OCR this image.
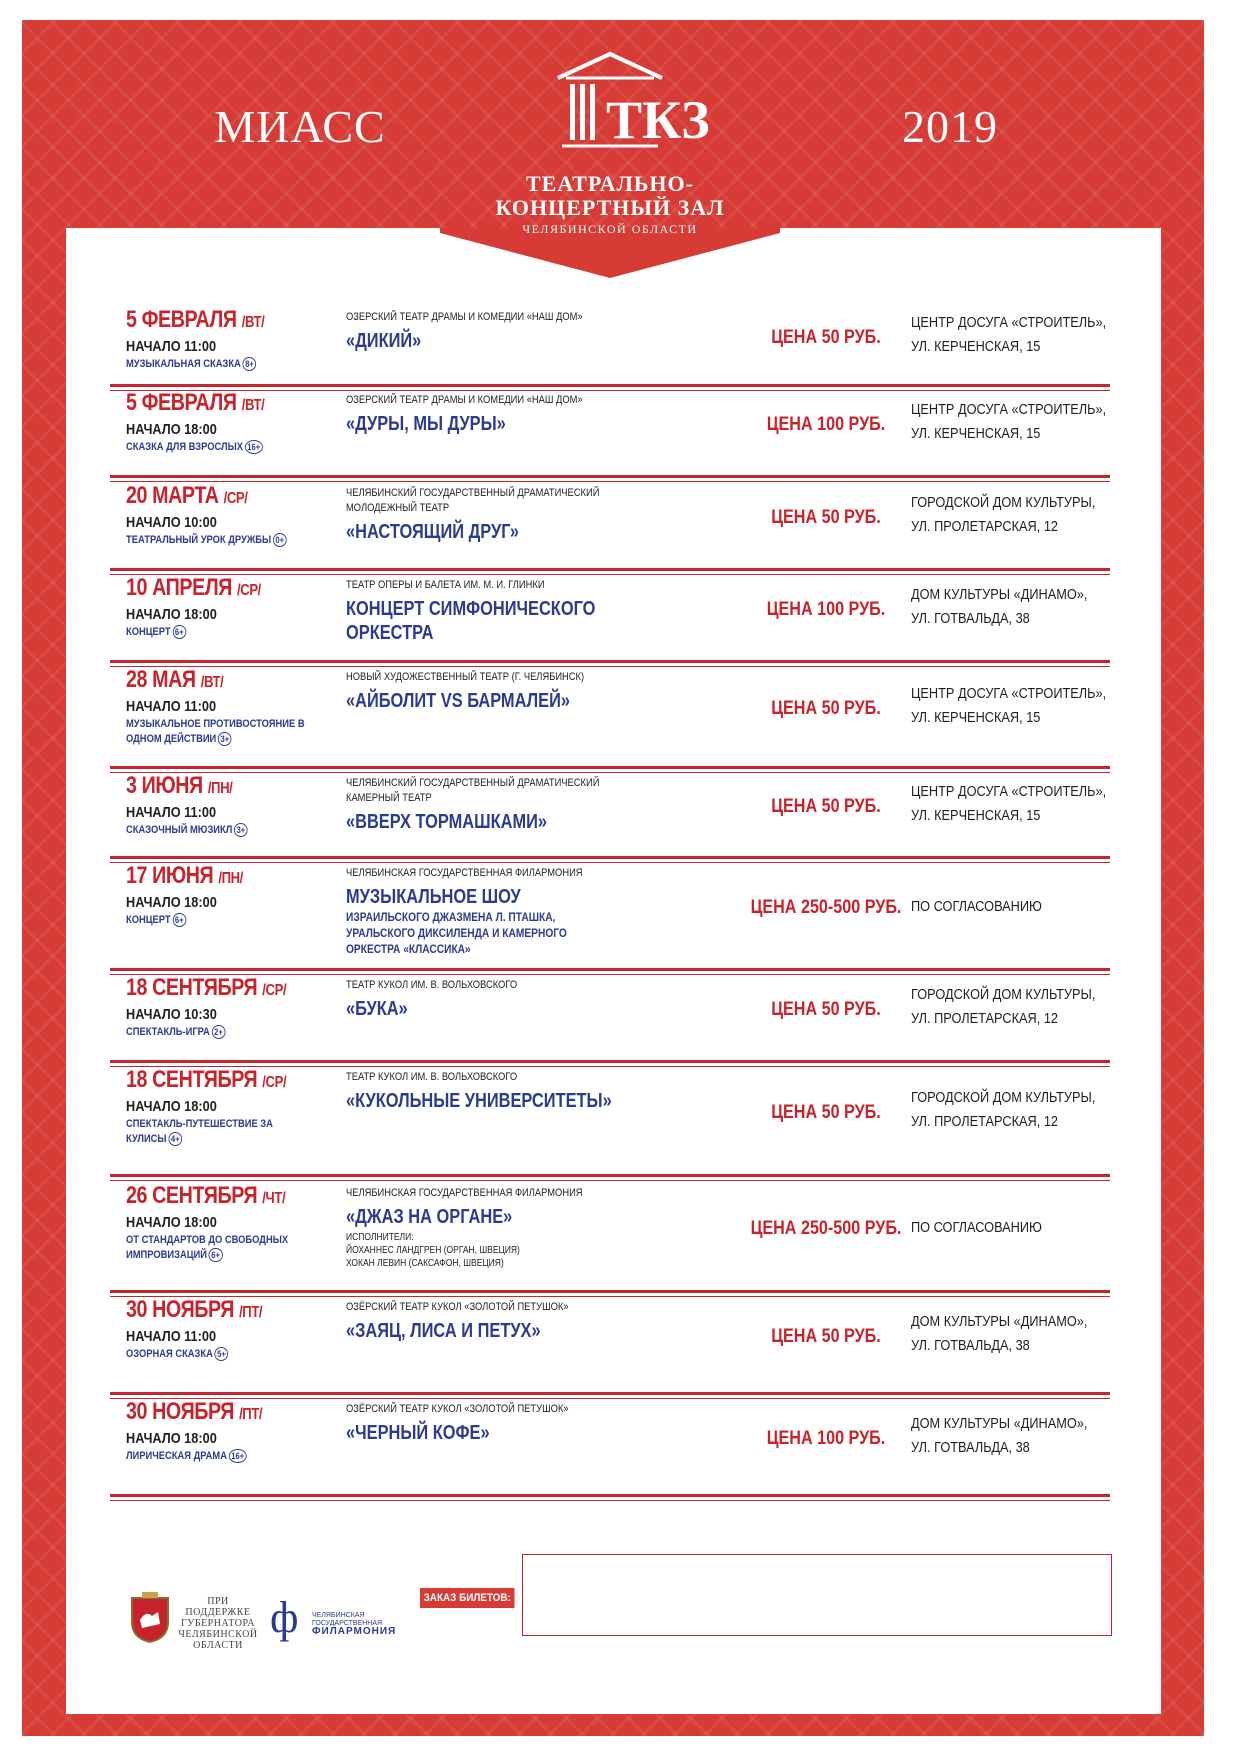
МИАСС	2019
ТКЗ
ТЕАТРАЛЬНО-
КОНЦЕРТНЫЙ ЗАЛ
ЧЕЛЯБИНСКОЙ ОБЛАСТИ
5 ФЕВРАЛЯ /ВТ/
НАЧАЛО 11:00
МУЗЫКАЛЬНАЯ СКАЗКА 8+
ОЗЕРСКИЙ ТЕАТР ДРАМЫ И КОМЕДИИ «НАШ ДОМ»
«ДИКИЙ»	ЦЕНА 50 РУБ.
ЦЕНТР ДОСУГА «СТРОИТЕЛЬ»,
УЛ. КЕРЧЕНСКАЯ, 15
5 ФЕВРАЛЯ /ВТ/
НАЧАЛО 18:00
СКАЗКА ДЛЯ ВЗРОСЛЫХ 16+
ОЗЕРСКИЙ ТЕАТР ДРАМЫ И КОМЕДИИ «НАШ ДОМ»
«ДУРЫ, МЫ ДУРЫ»	ЦЕНА 100 РУБ.
ЦЕНТР ДОСУГА «СТРОИТЕЛЬ»,
УЛ. КЕРЧЕНСКАЯ, 15
20 МАРТА /СР/
НАЧАЛО 10:00
ТЕАТРАЛЬНЫЙ УРОК ДРУЖБЫ 0+
ЧЕЛЯБИНСКИЙ ГОСУДАРСТВЕННЫЙ ДРАМАТИЧЕСКИЙ МОЛОДЕЖНЫЙ ТЕАТР
«НАСТОЯЩИЙ ДРУГ»
ЦЕНА 50 РУБ.
ГОРОДСКОЙ ДОМ КУЛЬТУРЫ,
УЛ. ПРОЛЕТАРСКАЯ, 12
10 АПРЕЛЯ /СР/
НАЧАЛО 18:00
КОНЦЕРТ 6+
ТЕАТР ОПЕРЫ И БАЛЕТА ИМ. М. И. ГЛИНКИ
КОНЦЕРТ СИМФОНИЧЕСКОГО ОРКЕСТРА
ЦЕНА 100 РУБ.
ДОМ КУЛЬТУРЫ «ДИНАМО»,
УЛ. ГОТВАЛЬДА, 38
28 МАЯ /ВТ/
НАЧАЛО 11:00
МУЗЫКАЛЬНОЕ ПРОТИВОСТОЯНИЕ В ОДНОМ ДЕЙСТВИИ 3+
НОВЫЙ ХУДОЖЕСТВЕННЫЙ ТЕАТР (Г. ЧЕЛЯБИНСК)
«АЙБОЛИТ VS БАРМАЛЕЙ»	ЦЕНА 50 РУБ.
ЦЕНТР ДОСУГА «СТРОИТЕЛЬ»,
УЛ. КЕРЧЕНСКАЯ, 15
3 ИЮНЯ /ПН/
НАЧАЛО 11:00
СКАЗОЧНЫЙ МЮЗИКЛ 3+
ЧЕЛЯБИНСКИЙ ГОСУДАРСТВЕННЫЙ ДРАМАТИЧЕСКИЙ КАМЕРНЫЙ ТЕАТР
«ВВЕРХ ТОРМАШКАМИ»
ЦЕНА 50 РУБ.
ЦЕНТР ДОСУГА «СТРОИТЕЛЬ»,
УЛ. КЕРЧЕНСКАЯ, 15
17 ИЮНЯ /ПН/
НАЧАЛО 18:00
КОНЦЕРТ 6+
ЧЕЛЯБИНСКАЯ ГОСУДАРСТВЕННАЯ ФИЛАРМОНИЯ
МУЗЫКАЛЬНОЕ ШОУ
ИЗРАИЛЬСКОГО ДЖАЗМЕНА Л. ПТАШКА, УРАЛЬСКОГО ДИКСИЛЕНДА И КАМЕРНОГО ОРКЕСТРА «КЛАССИКА»
ЦЕНА 250-500 РУБ. ПО СОГЛАСОВАНИЮ
18 СЕНТЯБРЯ /СР/
НАЧАЛО 10:30
СПЕКТАКЛЬ-ИГРА 2+
ТЕАТР КУКОЛ ИМ. В. ВОЛЬХОВСКОГО
«БУКА»	ЦЕНА 50 РУБ.
ГОРОДСКОЙ ДОМ КУЛЬТУРЫ,
УЛ. ПРОЛЕТАРСКАЯ, 12
18 СЕНТЯБРЯ /СР/
НАЧАЛО 18:00
СПЕКТАКЛЬ-ПУТЕШЕСТВИЕ ЗА КУЛИСЫ 4+
ТЕАТР КУКОЛ ИМ. В. ВОЛЬХОВСКОГО
«КУКОЛЬНЫЕ УНИВЕРСИТЕТЫ»
ЦЕНА 50 РУБ.
ГОРОДСКОЙ ДОМ КУЛЬТУРЫ,
УЛ. ПРОЛЕТАРСКАЯ, 12
26 СЕНТЯБРЯ /ЧТ/
НАЧАЛО 18:00
ОТ СТАНДАРТОВ ДО СВОБОДНЫХ ИМПРОВИЗАЦИЙ 6+
ЧЕЛЯБИНСКАЯ ГОСУДАРСТВЕННАЯ ФИЛАРМОНИЯ
«ДЖАЗ НА ОРГАНЕ»
ИСПОЛНИТЕЛИ:
ЙОХАННЕС ЛАНДГРЕН (ОРГАН, ШВЕЦИЯ)
ХОКАН ЛЕВИН (САКСАФОН, ШВЕЦИЯ)
ЦЕНА 250-500 РУБ. ПО СОГЛАСОВАНИЮ
30 НОЯБРЯ /ПТ/
НАЧАЛО 11:00
ОЗОРНАЯ СКАЗКА 5+
ОЗЁРСКИЙ ТЕАТР КУКОЛ «ЗОЛОТОЙ ПЕТУШОК»
«ЗАЯЦ, ЛИСА И ПЕТУХ»	ЦЕНА 50 РУБ.
ДОМ КУЛЬТУРЫ «ДИНАМО»,
УЛ. ГОТВАЛЬДА, 38
30 НОЯБРЯ /ПТ/
НАЧАЛО 18:00
ЛИРИЧЕСКАЯ ДРАМА 16+
ОЗЁРСКИЙ ТЕАТР КУКОЛ «ЗОЛОТОЙ ПЕТУШОК»
«ЧЕРНЫЙ КОФЕ»	ЦЕНА 100 РУБ.
ДОМ КУЛЬТУРЫ «ДИНАМО»,
УЛ. ГОТВАЛЬДА, 38
ПРИ ПОДДЕРЖКЕ ГУБЕРНАТОРА ЧЕЛЯБИНСКОЙ ОБЛАСТИ
ф ЧЕЛЯБИНСКАЯ ГОСУДАРСТВЕННАЯ
ФИЛАРМОНИЯ
ЗАКАЗ БИЛЕТОВ:
